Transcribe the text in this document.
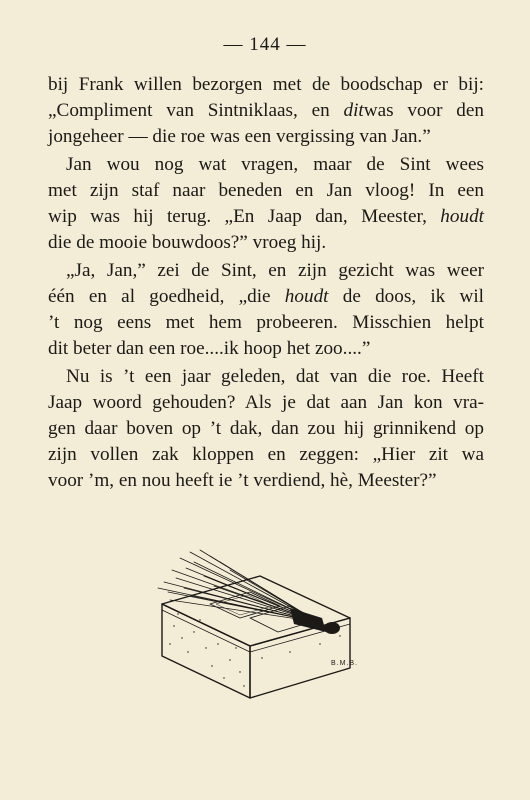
— 144 —
bij Frank willen bezorgen met de boodschap er bij:
„Compliment van Sintniklaas, en ditwas voor den
jongeheer — die roe was een vergissing van Jan.”
Jan wou nog wat vragen, maar de Sint wees
met zijn staf naar beneden en Jan vloog! In een
wip was hij terug. „En Jaap dan, Meester, houdt
die de mooie bouwdoos?” vroeg hij.
„Ja, Jan,” zei de Sint, en zijn gezicht was weer
één en al goedheid, „die houdt de doos, ik wil
’t nog eens met hem probeeren. Misschien helpt
dit beter dan een roe....ik hoop het zoo....”
Nu is ’t een jaar geleden, dat van die roe. Heeft
Jaap woord gehouden? Als je dat aan Jan kon vra-
gen daar boven op ’t dak, dan zou hij grinnikend op
zijn vollen zak kloppen en zeggen: „Hier zit wa
voor ’m, en nou heeft ie ’t verdiend, hè, Meester?”
B.M.B.
